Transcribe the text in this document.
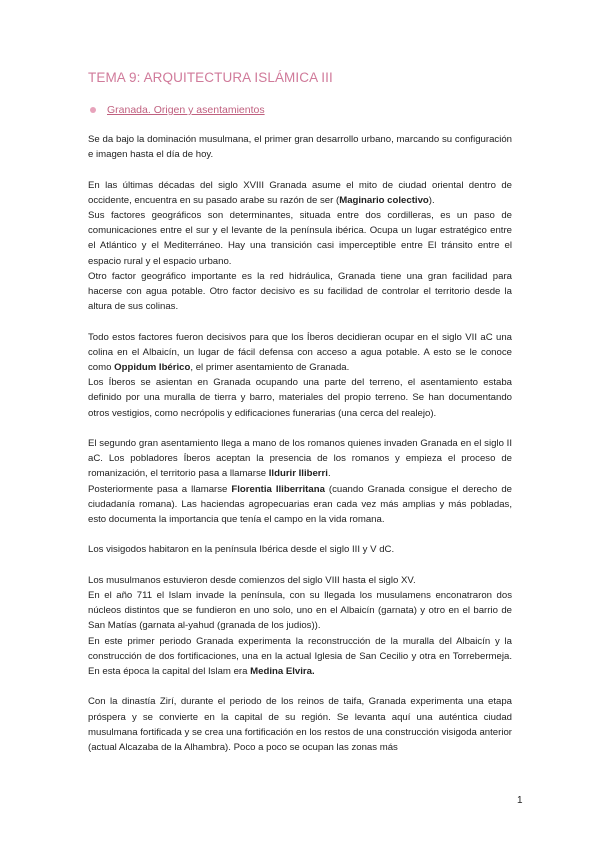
TEMA 9: ARQUITECTURA ISLÁMICA III
Granada. Origen y asentamientos

Se da bajo la dominación musulmana, el primer gran desarrollo urbano, marcando su configuración e imagen hasta el día de hoy.

En las últimas décadas del siglo XVIII Granada asume el mito de ciudad oriental dentro de occidente, encuentra en su pasado arabe su razón de ser (Maginario colectivo).
Sus factores geográficos son determinantes, situada entre dos cordilleras, es un paso de comunicaciones entre el sur y el levante de la península ibérica. Ocupa un lugar estratégico entre el Atlántico y el Mediterráneo. Hay una transición casi imperceptible entre El tránsito entre el espacio rural y el espacio urbano.
Otro factor geográfico importante es la red hidráulica, Granada tiene una gran facilidad para hacerse con agua potable. Otro factor decisivo es su facilidad de controlar el territorio desde la altura de sus colinas.

Todo estos factores fueron decisivos para que los Íberos decidieran ocupar en el siglo VII aC una colina en el Albaicín, un lugar de fácil defensa con acceso a agua potable. A esto se le conoce como Oppidum Ibérico, el primer asentamiento de Granada.
Los Íberos se asientan en Granada ocupando una parte del terreno, el asentamiento estaba definido por una muralla de tierra y barro, materiales del propio terreno. Se han documentando otros vestigios, como necrópolis y edificaciones funerarias (una cerca del realejo).

El segundo gran asentamiento llega a mano de los romanos quienes invaden Granada en el siglo II aC. Los pobladores Íberos aceptan la presencia de los romanos y empieza el proceso de romanización, el territorio pasa a llamarse Ildurir Iliberri.
Posteriormente pasa a llamarse Florentia Iliberritana (cuando Granada consigue el derecho de ciudadanía romana). Las haciendas agropecuarias eran cada vez más amplias y más pobladas, esto documenta la importancia que tenía el campo en la vida romana.

Los visigodos habitaron en la península Ibérica desde el siglo III y V dC.

Los musulmanos estuvieron desde comienzos del siglo VIII hasta el siglo XV.
En el año 711 el Islam invade la península, con su llegada los musulamens enconatraron dos núcleos distintos que se fundieron en uno solo, uno en el Albaicín (garnata) y otro en el barrio de San Matías (garnata al-yahud (granada de los judios)).
En este primer periodo Granada experimenta la reconstrucción de la muralla del Albaicín y la construcción de dos fortificaciones, una en la actual Iglesia de San Cecilio y otra en Torrebermeja. En esta época la capital del Islam era Medina Elvira.

Con la dinastía Zirí, durante el periodo de los reinos de taifa, Granada experimenta una etapa próspera y se convierte en la capital de su región. Se levanta aquí una auténtica ciudad musulmana fortificada y se crea una fortificación en los restos de una construcción visigoda anterior (actual Alcazaba de la Alhambra). Poco a poco se ocupan las zonas más

1
